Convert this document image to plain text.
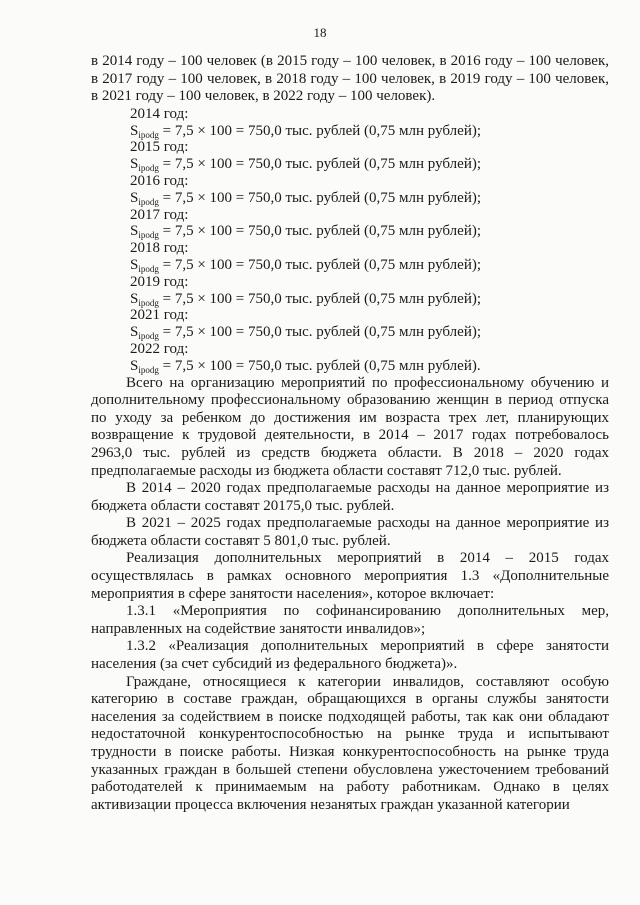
18

в 2014 году – 100 человек (в 2015 году – 100 человек, в 2016 году – 100 человек, в 2017 году – 100 человек, в 2018 году – 100 человек, в 2019 году – 100 человек, в 2021 году – 100 человек, в 2022 году – 100 человек).

2014 год:
$S_{ipodg} = 7,5 \times 100 = 750,0$ тыс. рублей (0,75 млн рублей);
2015 год:
$S_{ipodg} = 7,5 \times 100 = 750,0$ тыс. рублей (0,75 млн рублей);
2016 год:
$S_{ipodg} = 7,5 \times 100 = 750,0$ тыс. рублей (0,75 млн рублей);
2017 год:
$S_{ipodg} = 7,5 \times 100 = 750,0$ тыс. рублей (0,75 млн рублей);
2018 год:
$S_{ipodg} = 7,5 \times 100 = 750,0$ тыс. рублей (0,75 млн рублей);
2019 год:
$S_{ipodg} = 7,5 \times 100 = 750,0$ тыс. рублей (0,75 млн рублей);
2021 год:
$S_{ipodg} = 7,5 \times 100 = 750,0$ тыс. рублей (0,75 млн рублей);
2022 год:
$S_{ipodg} = 7,5 \times 100 = 750,0$ тыс. рублей (0,75 млн рублей).

Всего на организацию мероприятий по профессиональному обучению и дополнительному профессиональному образованию женщин в период отпуска по уходу за ребенком до достижения им возраста трех лет, планирующих возвращение к трудовой деятельности, в 2014 – 2017 годах потребовалось 2963,0 тыс. рублей из средств бюджета области. В 2018 – 2020 годах предполагаемые расходы из бюджета области составят 712,0 тыс. рублей.

В 2014 – 2020 годах предполагаемые расходы на данное мероприятие из бюджета области составят 20175,0 тыс. рублей.

В 2021 – 2025 годах предполагаемые расходы на данное мероприятие из бюджета области составят 5 801,0 тыс. рублей.

Реализация дополнительных мероприятий в 2014 – 2015 годах осуществлялась в рамках основного мероприятия 1.3 «Дополнительные мероприятия в сфере занятости населения», которое включает:

1.3.1 «Мероприятия по софинансированию дополнительных мер, направленных на содействие занятости инвалидов»;

1.3.2 «Реализация дополнительных мероприятий в сфере занятости населения (за счет субсидий из федерального бюджета)».

Граждане, относящиеся к категории инвалидов, составляют особую категорию в составе граждан, обращающихся в органы службы занятости населения за содействием в поиске подходящей работы, так как они обладают недостаточной конкурентоспособностью на рынке труда и испытывают трудности в поиске работы. Низкая конкурентоспособность на рынке труда указанных граждан в большей степени обусловлена ужесточением требований работодателей к принимаемым на работу работникам. Однако в целях активизации процесса включения незанятых граждан указанной категории
